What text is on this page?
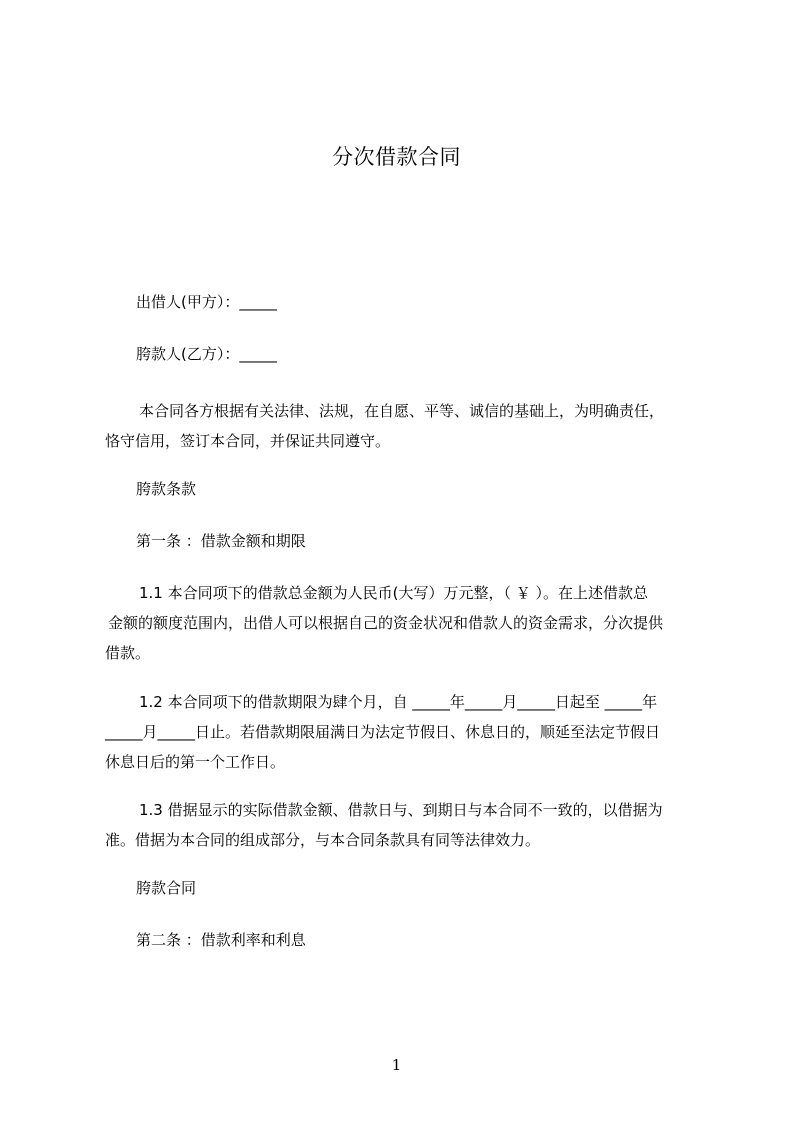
分次借款合同
出借人(甲方）：_____
胯款人(乙方）：_____
本合同各方根据有关法律、法规，在自愿、平等、诚信的基础上，为明确责任，
恪守信用，签订本合同，并保证共同遵守。
胯款条款
第一条 ：借款金额和期限
1.1 本合同项下的借款总金额为人民币(大写）万元整，（ ￥ ）。在上述借款总
金额的额度范围内，出借人可以根据自己的资金状况和借款人的资金需求，分次提供
借款。
1.2 本合同项下的借款期限为肆个月，自 _____年_____月_____日起至 _____年
_____月_____日止。若借款期限届满日为法定节假日、休息日的，顺延至法定节假日
休息日后的第一个工作日。
1.3 借据显示的实际借款金额、借款日与、到期日与本合同不一致的，以借据为
准。借据为本合同的组成部分，与本合同条款具有同等法律效力。
胯款合同
第二条 ：借款利率和利息
1
